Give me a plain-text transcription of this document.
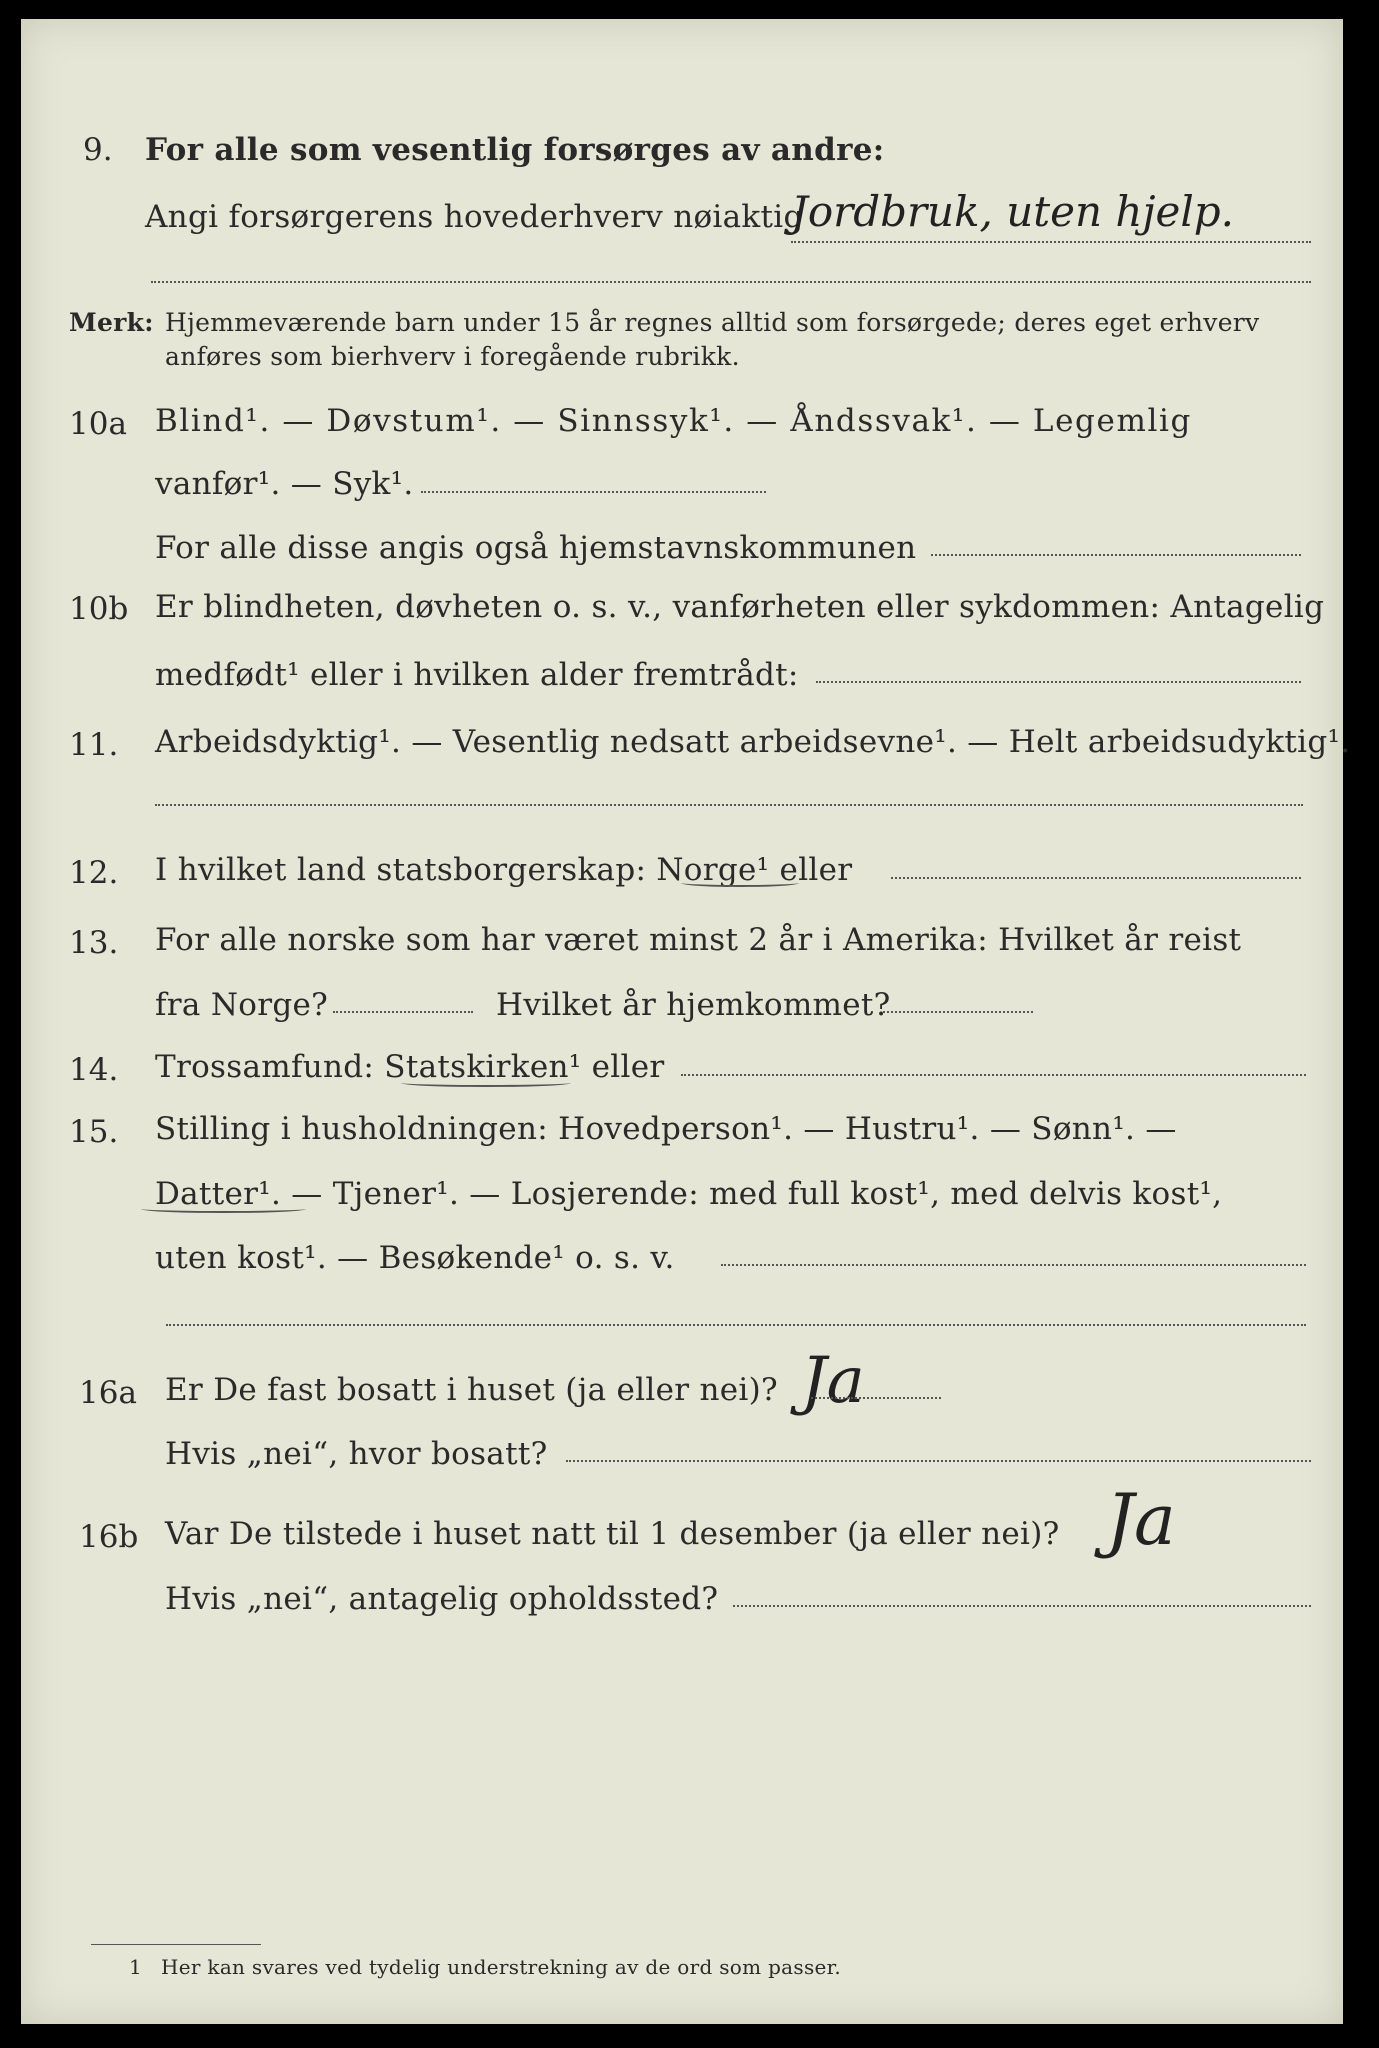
9. For alle som vesentlig forsørges av andre:
Angi forsørgerens hovederhverv nøiaktig
Jordbruk, uten hjelp.
Merk: Hjemmeværende barn under 15 år regnes alltid som forsørgede; deres eget erhverv
anføres som bierhverv i foregående rubrikk.
10a Blind¹. — Døvstum¹. — Sinnssyk¹. — Åndssvak¹. — Legemlig
vanfør¹. — Syk¹.
For alle disse angis også hjemstavnskommunen
10b Er blindheten, døvheten o. s. v., vanførheten eller sykdommen: Antagelig
medfødt¹ eller i hvilken alder fremtrådt:
11. Arbeidsdyktig¹. — Vesentlig nedsatt arbeidsevne¹. — Helt arbeidsudyktig¹.
12. I hvilket land statsborgerskap: Norge¹ eller
13. For alle norske som har været minst 2 år i Amerika: Hvilket år reist
fra Norge?	Hvilket år hjemkommet?
14. Trossamfund: Statskirken¹ eller
15. Stilling i husholdningen: Hovedperson¹. — Hustru¹. — Sønn¹. —
Datter¹. — Tjener¹. — Losjerende: med full kost¹, med delvis kost¹,
uten kost¹. — Besøkende¹ o. s. v.
16a Er De fast bosatt i huset (ja eller nei)? Ja
Hvis „nei“, hvor bosatt?
16b Var De tilstede i huset natt til 1 desember (ja eller nei)? Ja
Hvis „nei“, antagelig opholdssted?
1 Her kan svares ved tydelig understrekning av de ord som passer.
